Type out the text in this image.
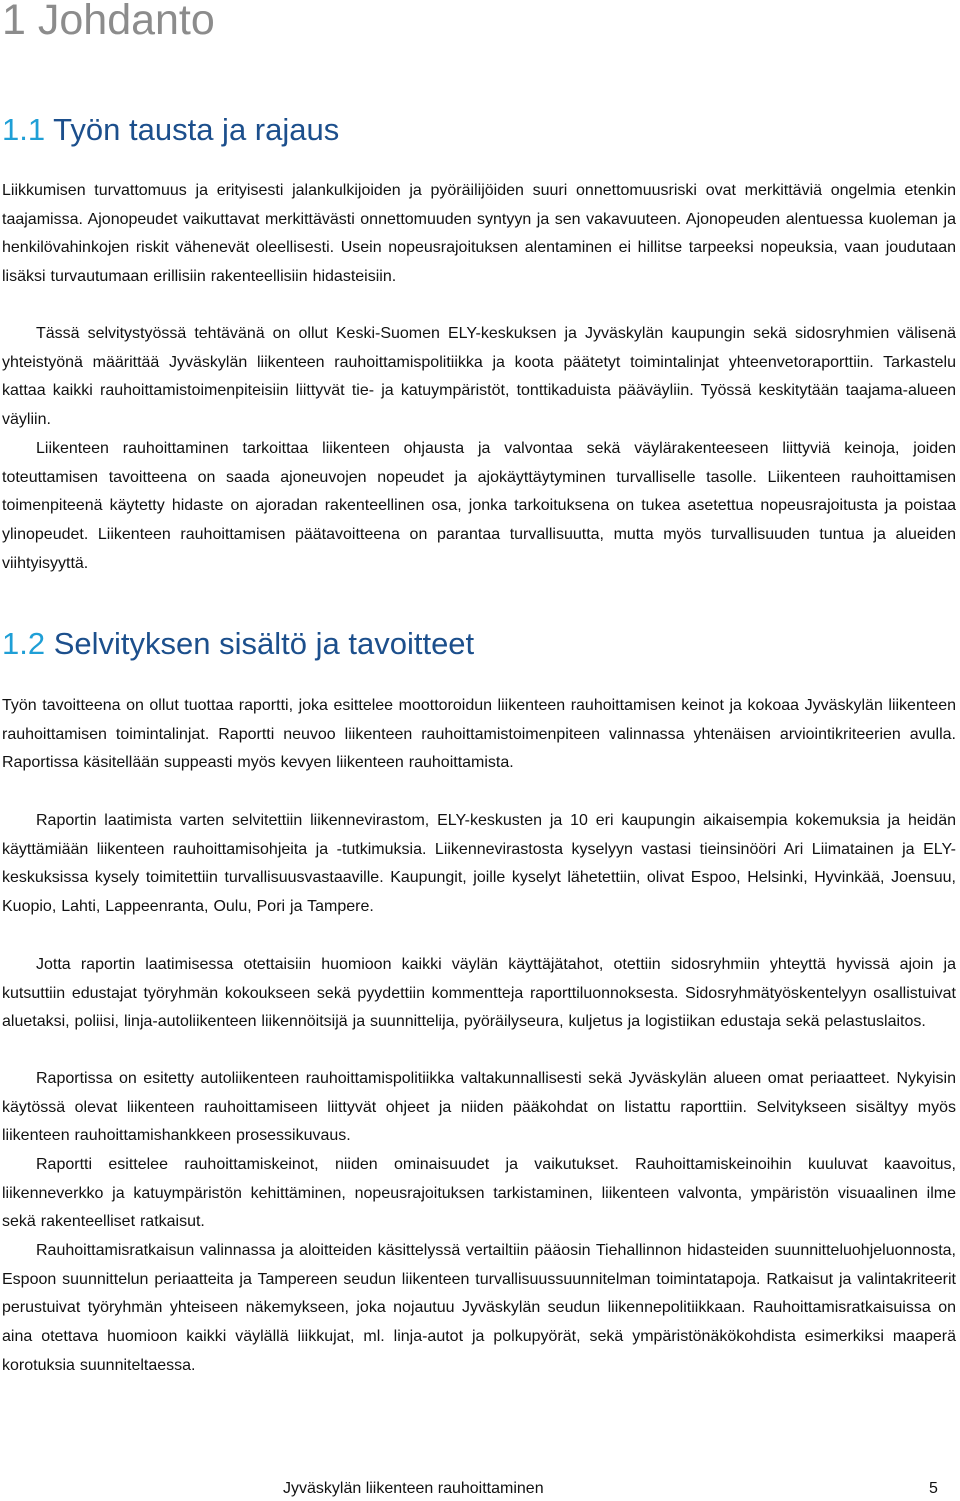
1 Johdanto
1.1 Työn tausta ja rajaus

Liikkumisen turvattomuus ja erityisesti jalankulkijoiden ja pyöräilijöiden suuri onnettomuusriski ovat merkittäviä ongelmia etenkin taajamissa. Ajonopeudet vaikuttavat merkittävästi onnettomuuden syntyyn ja sen vakavuuteen. Ajonopeuden alentuessa kuoleman ja henkilövahinkojen riskit vähenevät oleellisesti. Usein nopeusrajoituksen alentaminen ei hillitse tarpeeksi nopeuksia, vaan joudutaan lisäksi turvautumaan erillisiin rakenteellisiin hidasteisiin.

Tässä selvitystyössä tehtävänä on ollut Keski-Suomen ELY-keskuksen ja Jyväskylän kaupungin sekä sidosryhmien välisenä yhteistyönä määrittää Jyväskylän liikenteen rauhoittamispolitiikka ja koota päätetyt toimintalinjat yhteenvetoraporttiin. Tarkastelu kattaa kaikki rauhoittamistoimenpiteisiin liittyvät tie- ja katuympäristöt, tonttikaduista pääväyliin. Työssä keskitytään taajama-alueen väyliin.

Liikenteen rauhoittaminen tarkoittaa liikenteen ohjausta ja valvontaa sekä väylärakenteeseen liittyviä keinoja, joiden toteuttamisen tavoitteena on saada ajoneuvojen nopeudet ja ajokäyttäytyminen turvalliselle tasolle. Liikenteen rauhoittamisen toimenpiteenä käytetty hidaste on ajoradan rakenteellinen osa, jonka tarkoituksena on tukea asetettua nopeusrajoitusta ja poistaa ylinopeudet. Liikenteen rauhoittamisen päätavoitteena on parantaa turvallisuutta, mutta myös turvallisuuden tuntua ja alueiden viihtyisyyttä.

1.2 Selvityksen sisältö ja tavoitteet

Työn tavoitteena on ollut tuottaa raportti, joka esittelee moottoroidun liikenteen rauhoittamisen keinot ja kokoaa Jyväskylän liikenteen rauhoittamisen toimintalinjat. Raportti neuvoo liikenteen rauhoittamistoimenpiteen valinnassa yhtenäisen arviointikriteerien avulla. Raportissa käsitellään suppeasti myös kevyen liikenteen rauhoittamista.

Raportin laatimista varten selvitettiin liikennevirastom, ELY-keskusten ja 10 eri kaupungin aikaisempia kokemuksia ja heidän käyttämiään liikenteen rauhoittamisohjeita ja -tutkimuksia. Liikennevirastosta kyselyyn vastasi tieinsinööri Ari Liimatainen ja ELY-keskuksissa kysely toimitettiin turvallisuusvastaaville. Kaupungit, joille kyselyt lähetettiin, olivat Espoo, Helsinki, Hyvinkää, Joensuu, Kuopio, Lahti, Lappeenranta, Oulu, Pori ja Tampere.

Jotta raportin laatimisessa otettaisiin huomioon kaikki väylän käyttäjätahot, otettiin sidosryhmiin yhteyttä hyvissä ajoin ja kutsuttiin edustajat työryhmän kokoukseen sekä pyydettiin kommentteja raporttiluonnoksesta. Sidosryhmätyöskentelyyn osallistuivat aluetaksi, poliisi, linja-autoliikenteen liikennöitsijä ja suunnittelija, pyöräilyseura, kuljetus ja logistiikan edustaja sekä pelastuslaitos.

Raportissa on esitetty autoliikenteen rauhoittamispolitiikka valtakunnallisesti sekä Jyväskylän alueen omat periaatteet. Nykyisin käytössä olevat liikenteen rauhoittamiseen liittyvät ohjeet ja niiden pääkohdat on listattu raporttiin. Selvitykseen sisältyy myös liikenteen rauhoittamishankkeen prosessikuvaus.

Raportti esittelee rauhoittamiskeinot, niiden ominaisuudet ja vaikutukset. Rauhoittamiskeinoihin kuuluvat kaavoitus, liikenneverkko ja katuympäristön kehittäminen, nopeusrajoituksen tarkistaminen, liikenteen valvonta, ympäristön visuaalinen ilme sekä rakenteelliset ratkaisut.

Rauhoittamisratkaisun valinnassa ja aloitteiden käsittelyssä vertailtiin pääosin Tiehallinnon hidasteiden suunnitteluohjeluonnosta, Espoon suunnittelun periaatteita ja Tampereen seudun liikenteen turvallisuussuunnitelman toimintatapoja. Ratkaisut ja valintakriteerit perustuivat työryhmän yhteiseen näkemykseen, joka nojautuu Jyväskylän seudun liikennepolitiikkaan. Rauhoittamisratkaisuissa on aina otettava huomioon kaikki väylällä liikkujat, ml. linja-autot ja polkupyörät, sekä ympäristönäkökohdista esimerkiksi maaperä korotuksia suunniteltaessa.

Jyväskylän liikenteen rauhoittaminen	5
